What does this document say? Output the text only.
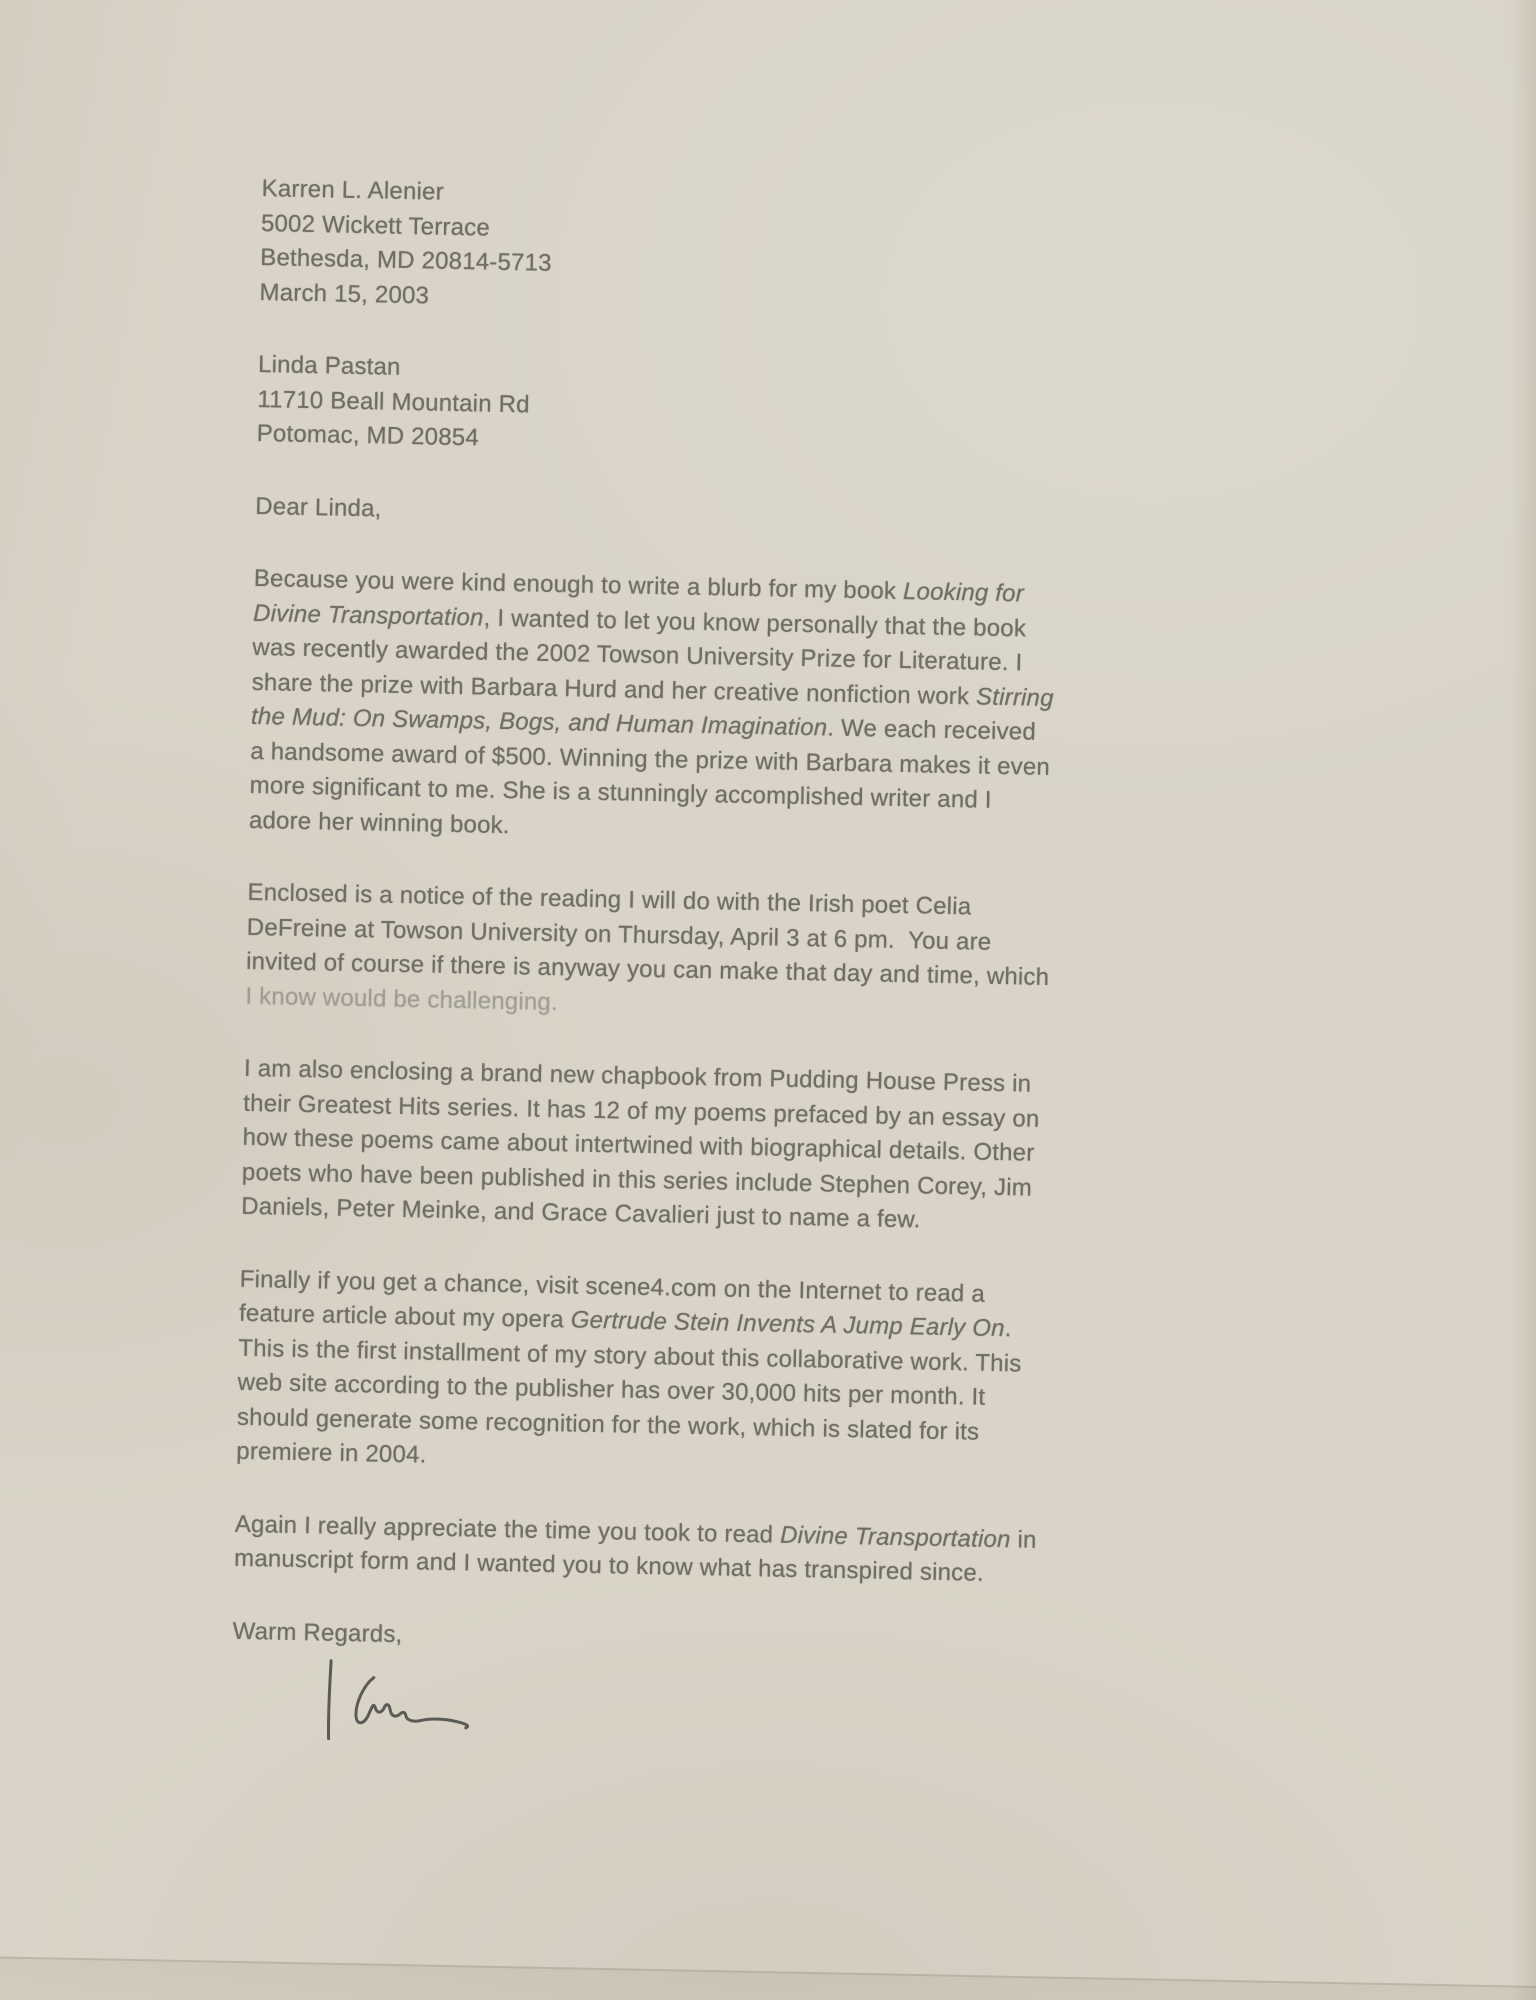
Karren L. Alenier
5002 Wickett Terrace
Bethesda, MD 20814-5713
March 15, 2003
Linda Pastan
11710 Beall Mountain Rd
Potomac, MD 20854
Dear Linda,
Because you were kind enough to write a blurb for my book Looking for
Divine Transportation, I wanted to let you know personally that the book
was recently awarded the 2002 Towson University Prize for Literature. I
share the prize with Barbara Hurd and her creative nonfiction work Stirring
the Mud: On Swamps, Bogs, and Human Imagination. We each received
a handsome award of $500. Winning the prize with Barbara makes it even
more significant to me. She is a stunningly accomplished writer and I
adore her winning book.
Enclosed is a notice of the reading I will do with the Irish poet Celia
DeFreine at Towson University on Thursday, April 3 at 6 pm.  You are
invited of course if there is anyway you can make that day and time, which
I know would be challenging.
I am also enclosing a brand new chapbook from Pudding House Press in
their Greatest Hits series. It has 12 of my poems prefaced by an essay on
how these poems came about intertwined with biographical details. Other
poets who have been published in this series include Stephen Corey, Jim
Daniels, Peter Meinke, and Grace Cavalieri just to name a few.
Finally if you get a chance, visit scene4.com on the Internet to read a
feature article about my opera Gertrude Stein Invents A Jump Early On.
This is the first installment of my story about this collaborative work. This
web site according to the publisher has over 30,000 hits per month. It
should generate some recognition for the work, which is slated for its
premiere in 2004.
Again I really appreciate the time you took to read Divine Transportation in
manuscript form and I wanted you to know what has transpired since.
Warm Regards,
